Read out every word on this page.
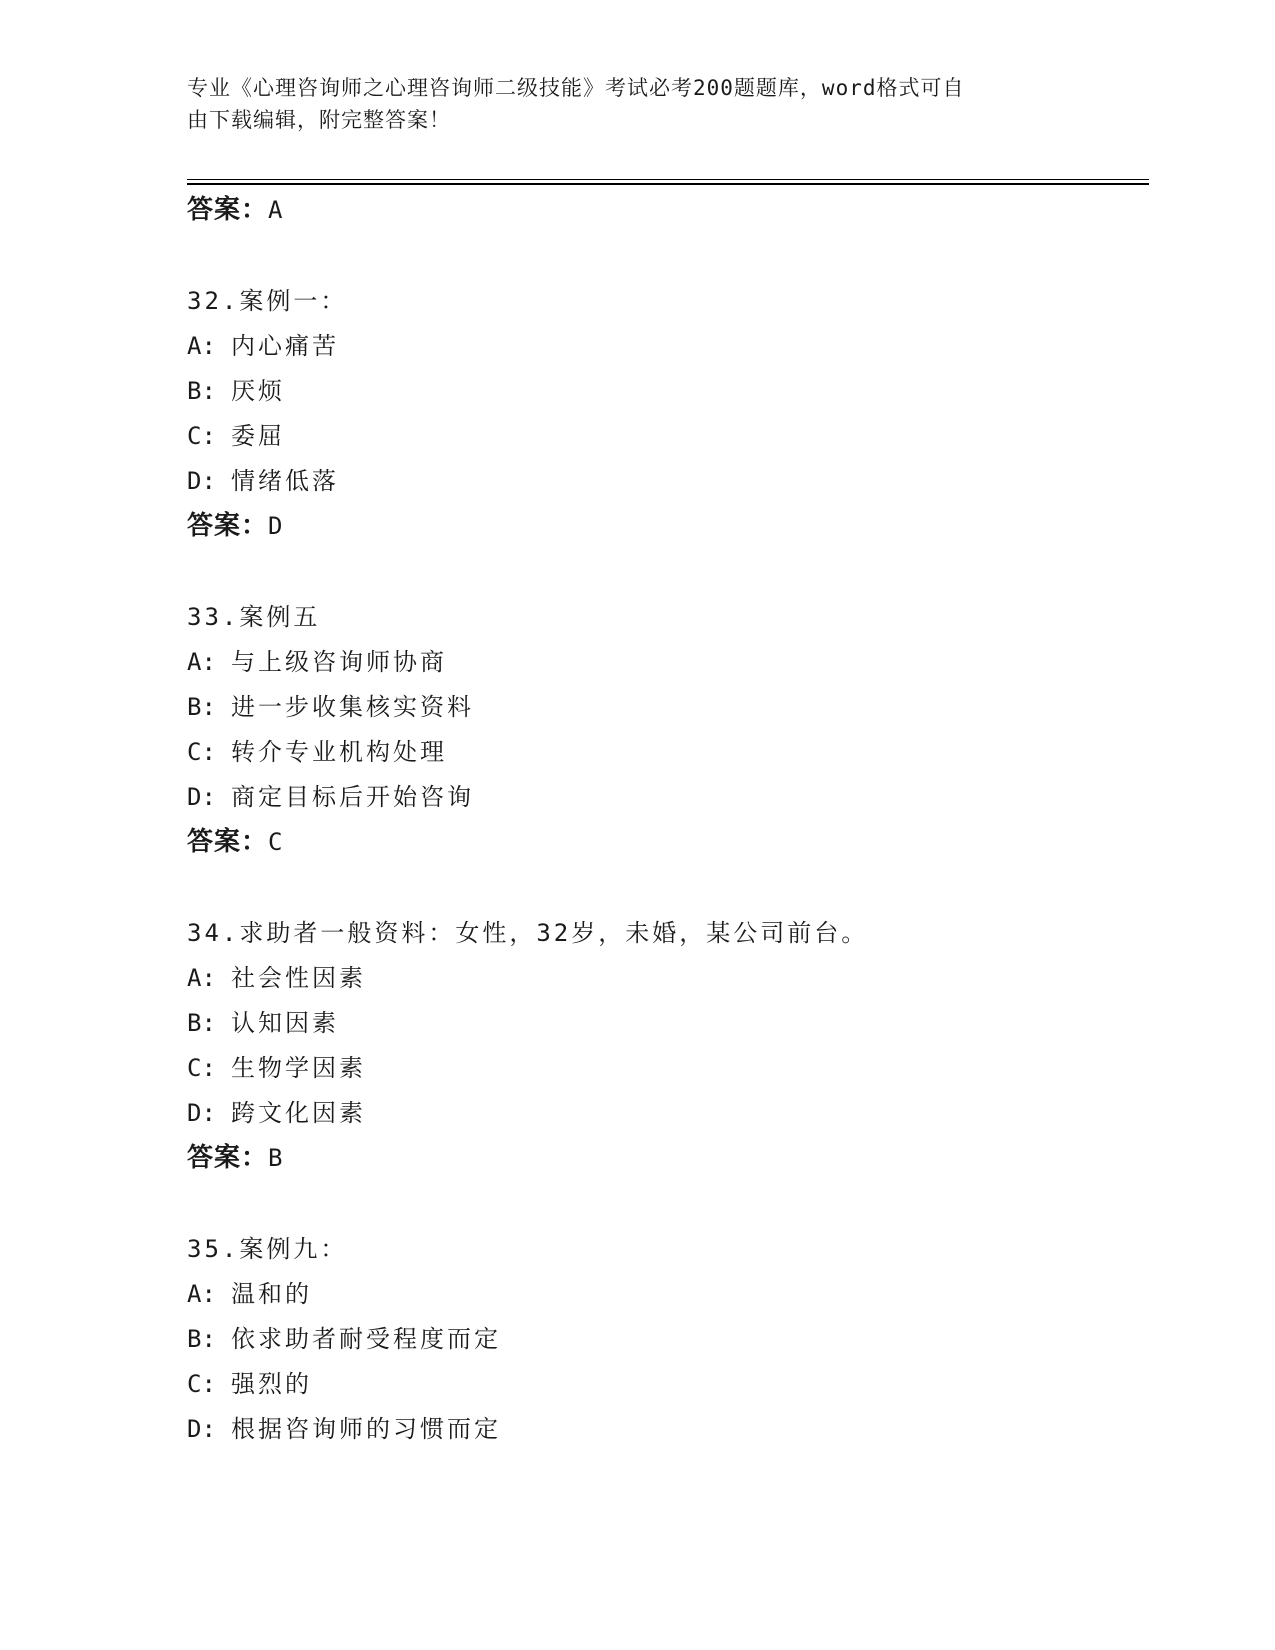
专业《心理咨询师之心理咨询师二级技能》考试必考200题题库，word格式可自
由下载编辑，附完整答案！

答案：A

32.案例一：

A: 内心痛苦

B: 厌烦

C: 委屈

D: 情绪低落

答案：D

33.案例五

A: 与上级咨询师协商

B: 进一步收集核实资料

C: 转介专业机构处理

D: 商定目标后开始咨询

答案：C

34.求助者一般资料：女性，32岁，未婚，某公司前台。

A: 社会性因素

B: 认知因素

C: 生物学因素

D: 跨文化因素

答案：B

35.案例九：

A: 温和的

B: 依求助者耐受程度而定

C: 强烈的

D: 根据咨询师的习惯而定
